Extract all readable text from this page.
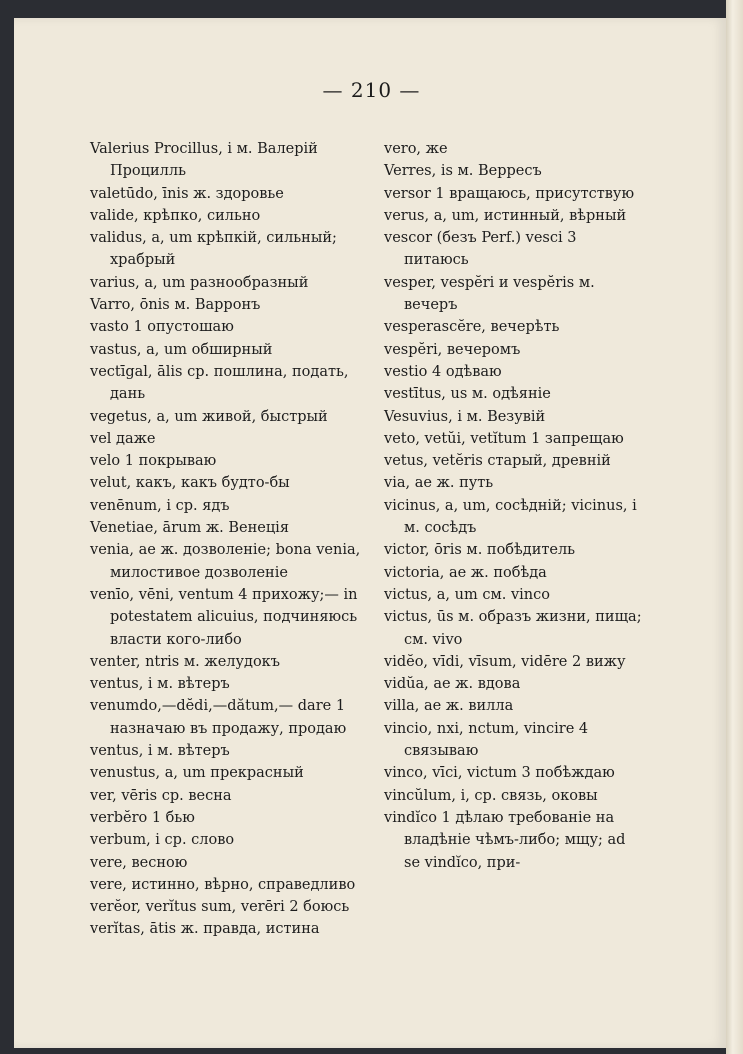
— 210 —

Valerius Procillus, i м. Валерій Процилль

valetūdo, īnis ж. здоровье

valide, крѣпко, сильно

validus, a, um крѣпкій, сильный; храбрый

varius, a, um разнообразный

Varro, ōnis м. Варронъ

vasto 1 опустошаю

vastus, a, um обширный

vectīgal, ālis ср. пошлина, подать, дань

vegetus, a, um живой, быстрый

vel даже

velo 1 покрываю

velut, какъ, какъ будто-бы

venēnum, i ср. ядъ

Venetiae, ārum ж. Венеція

venia, ae ж. дозволеніе; bona venia, милостивое дозволеніе

venīo, vēni, ventum 4 прихожу;— in potestatem alicuius, подчиняюсь власти кого-либо

venter, ntris м. желудокъ

ventus, i м. вѣтеръ

venumdo,—dĕdi,—dătum,— dare 1 назначаю въ продажу, продаю

ventus, i м. вѣтеръ

venustus, a, um прекрасный

ver, vēris ср. весна

verbĕro 1 бью

verbum, i ср. слово

vere, весною

vere, истинно, вѣрно, справедливо

verĕor, verĭtus sum, verēri 2 боюсь

verĭtas, ātis ж. правда, истина

vero, же

Verres, is м. Верресъ

versor 1 вращаюсь, присутствую

verus, a, um, истинный, вѣрный

vescor (безъ Perf.) vesci 3 питаюсь

vesper, vespĕri и vespĕris м. вечеръ

vesperascĕre, вечерѣть

vespĕri, вечеромъ

vestio 4 одѣваю

vestītus, us м. одѣяніе

Vesuvius, i м. Везувій

veto, vetŭi, vetĭtum 1 запрещаю

vetus, vetĕris старый, древній

via, ae ж. путь

vicinus, a, um, сосѣдній; vicinus, i м. сосѣдъ

victor, ōris м. побѣдитель

victoria, ae ж. побѣда

victus, a, um см. vinco

victus, ūs м. образъ жизни, пища; см. vivo

vidĕo, vīdi, vīsum, vidēre 2 вижу

vidŭa, ae ж. вдова

villa, ae ж. вилла

vincio, nxi, nctum, vincire 4 связываю

vinco, vīci, victum 3 побѣждаю

vincŭlum, i, ср. связь, оковы

vindĭco 1 дѣлаю требованіе на владѣніе чѣмъ-либо; мщу; ad se vindĭco, при-
